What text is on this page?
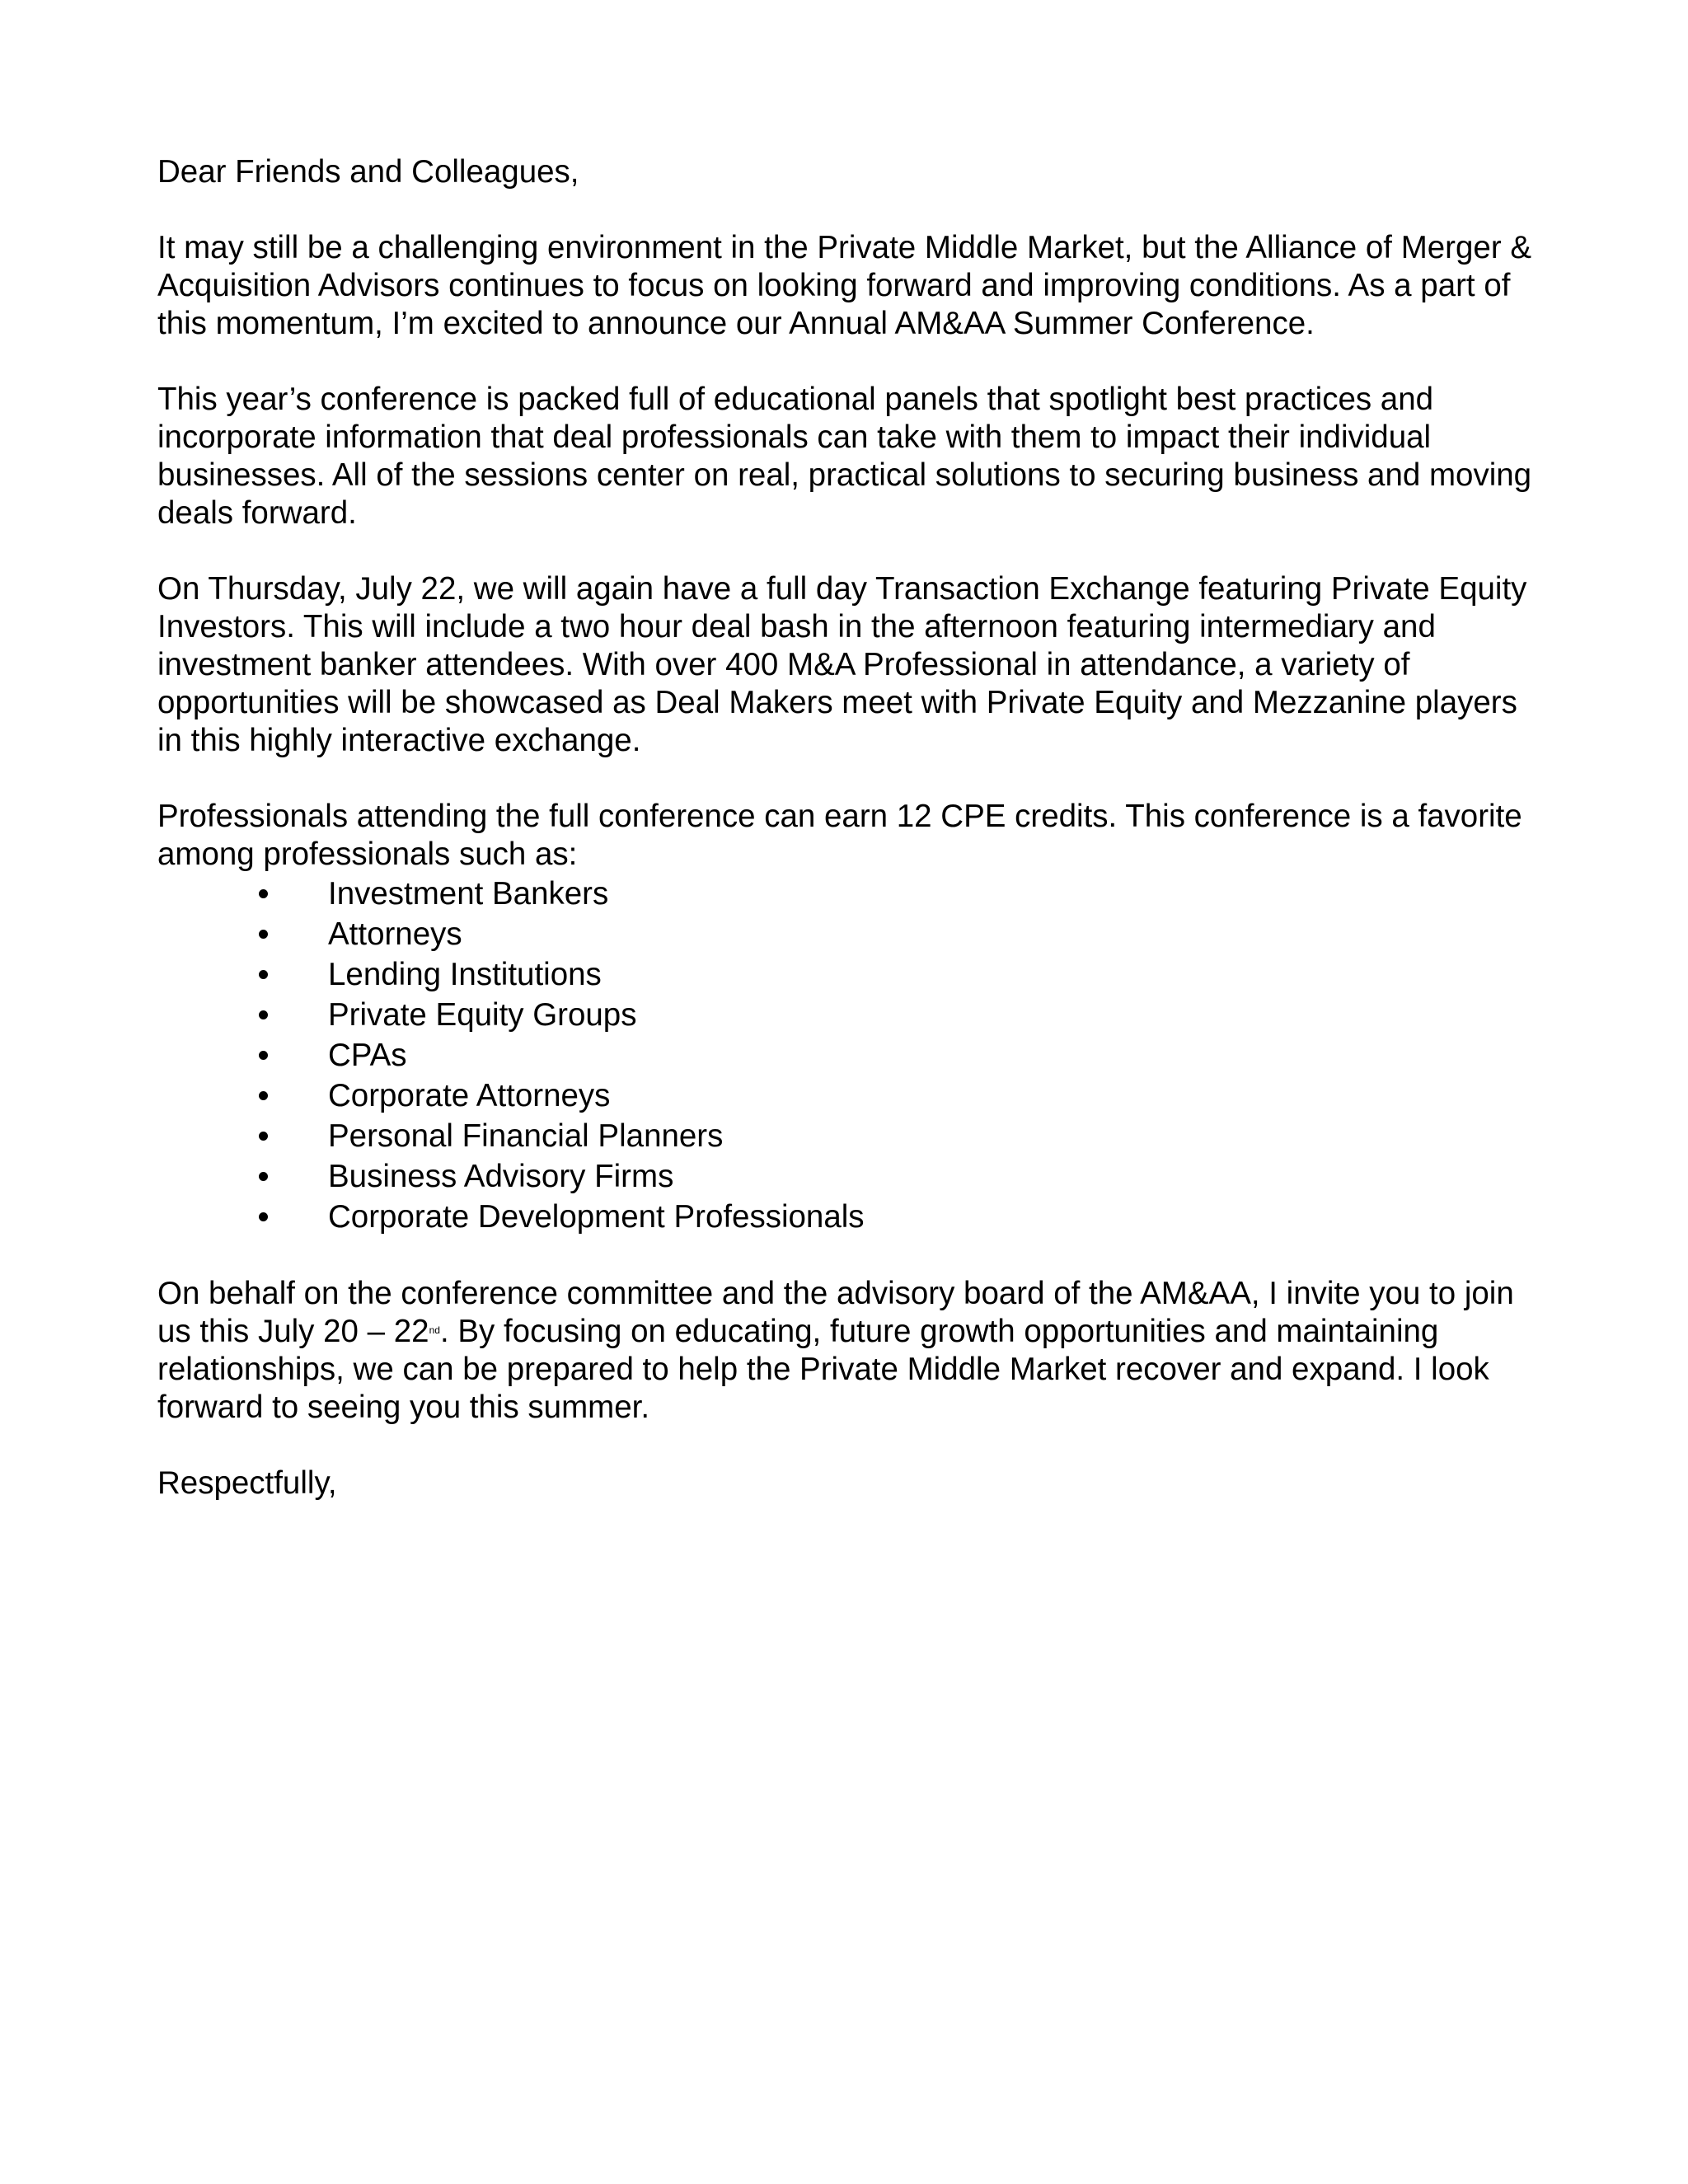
Dear Friends and Colleagues,

It may still be a challenging environment in the Private Middle Market, but the Alliance of Merger & Acquisition Advisors continues to focus on looking forward and improving conditions. As a part of this momentum, I’m excited to announce our Annual AM&AA Summer Conference.

This year’s conference is packed full of educational panels that spotlight best practices and incorporate information that deal professionals can take with them to impact their individual businesses. All of the sessions center on real, practical solutions to securing business and moving deals forward.

On Thursday, July 22, we will again have a full day Transaction Exchange featuring Private Equity Investors. This will include a two hour deal bash in the afternoon featuring intermediary and investment banker attendees. With over 400 M&A Professional in attendance, a variety of opportunities will be showcased as Deal Makers meet with Private Equity and Mezzanine players in this highly interactive exchange.

Professionals attending the full conference can earn 12 CPE credits. This conference is a favorite among professionals such as:

Investment Bankers
Attorneys
Lending Institutions
Private Equity Groups
CPAs
Corporate Attorneys
Personal Financial Planners
Business Advisory Firms
Corporate Development Professionals

On behalf on the conference committee and the advisory board of the AM&AA, I invite you to join us this July 20 – 22nd. By focusing on educating, future growth opportunities and maintaining relationships, we can be prepared to help the Private Middle Market recover and expand. I look forward to seeing you this summer.

Respectfully,
